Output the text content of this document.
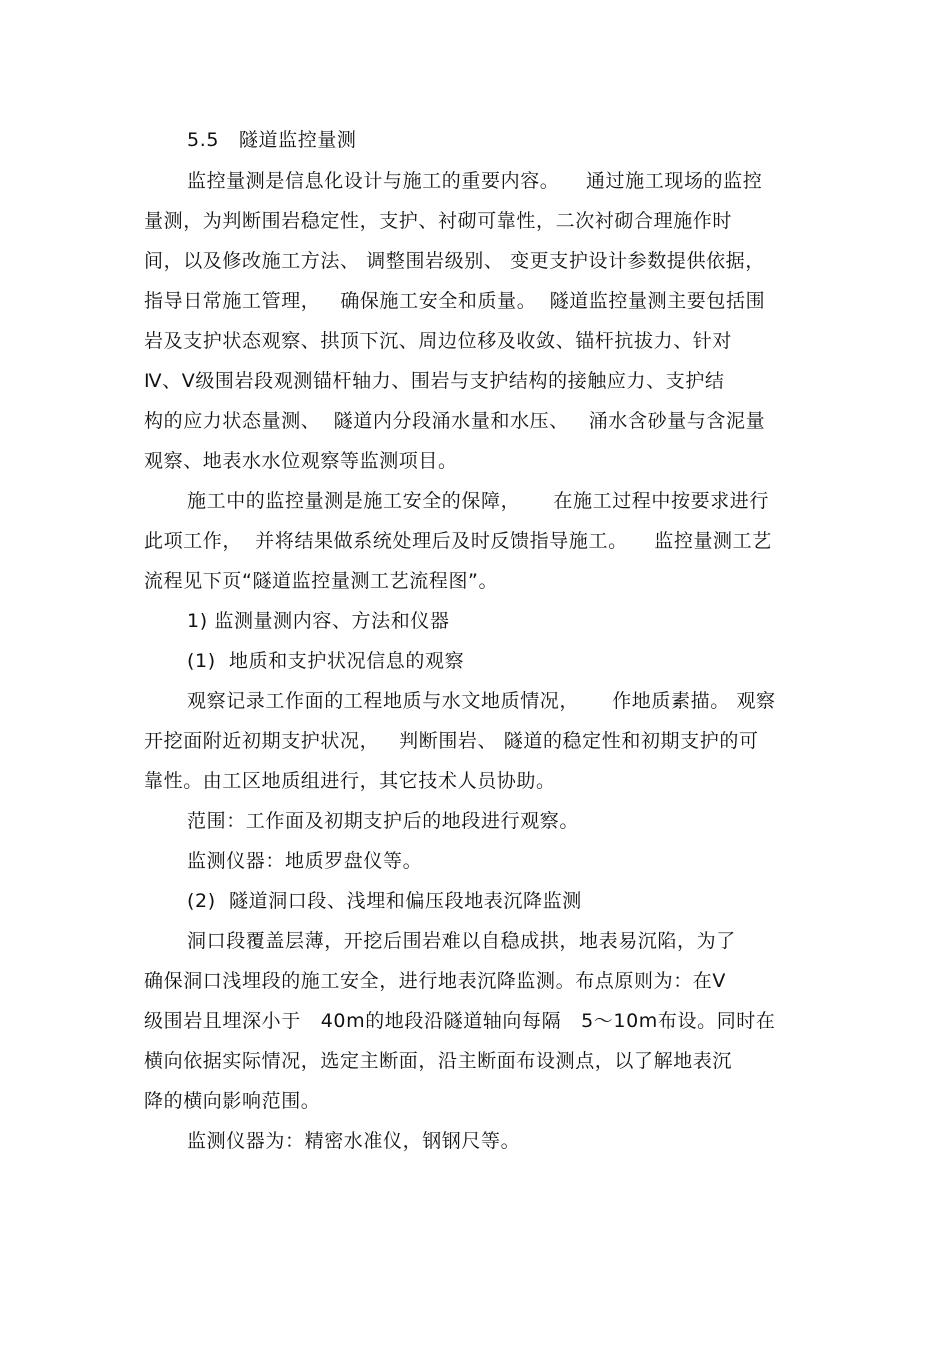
5.5   隧道监控量测
监控量测是信息化设计与施工的重要内容。    通过施工现场的监控
量测，为判断围岩稳定性，支护、衬砌可靠性，二次衬砌合理施作时
间，以及修改施工方法、 调整围岩级别、 变更支护设计参数提供依据，
指导日常施工管理，   确保施工安全和质量。  隧道监控量测主要包括围
岩及支护状态观察、拱顶下沉、周边位移及收敛、锚杆抗拔力、针对
Ⅳ、Ⅴ级围岩段观测锚杆轴力、围岩与支护结构的接触应力、支护结
构的应力状态量测、  隧道内分段涌水量和水压、   涌水含砂量与含泥量
观察、地表水水位观察等监测项目。
施工中的监控量测是施工安全的保障，     在施工过程中按要求进行
此项工作，  并将结果做系统处理后及时反馈指导施工。    监控量测工艺
流程见下页“隧道监控量测工艺流程图”。
1) 监测量测内容、方法和仪器
(1)  地质和支护状况信息的观察
观察记录工作面的工程地质与水文地质情况，     作地质素描。 观察
开挖面附近初期支护状况，   判断围岩、 隧道的稳定性和初期支护的可
靠性。由工区地质组进行，其它技术人员协助。
范围：工作面及初期支护后的地段进行观察。
监测仪器：地质罗盘仪等。
(2)  隧道洞口段、浅埋和偏压段地表沉降监测
洞口段覆盖层薄，开挖后围岩难以自稳成拱，地表易沉陷，为了
确保洞口浅埋段的施工安全，进行地表沉降监测。布点原则为：在Ⅴ
级围岩且埋深小于   40m的地段沿隧道轴向每隔   5～10m布设。同时在
横向依据实际情况，选定主断面，沿主断面布设测点，以了解地表沉
降的横向影响范围。
监测仪器为：精密水准仪，钢钢尺等。
